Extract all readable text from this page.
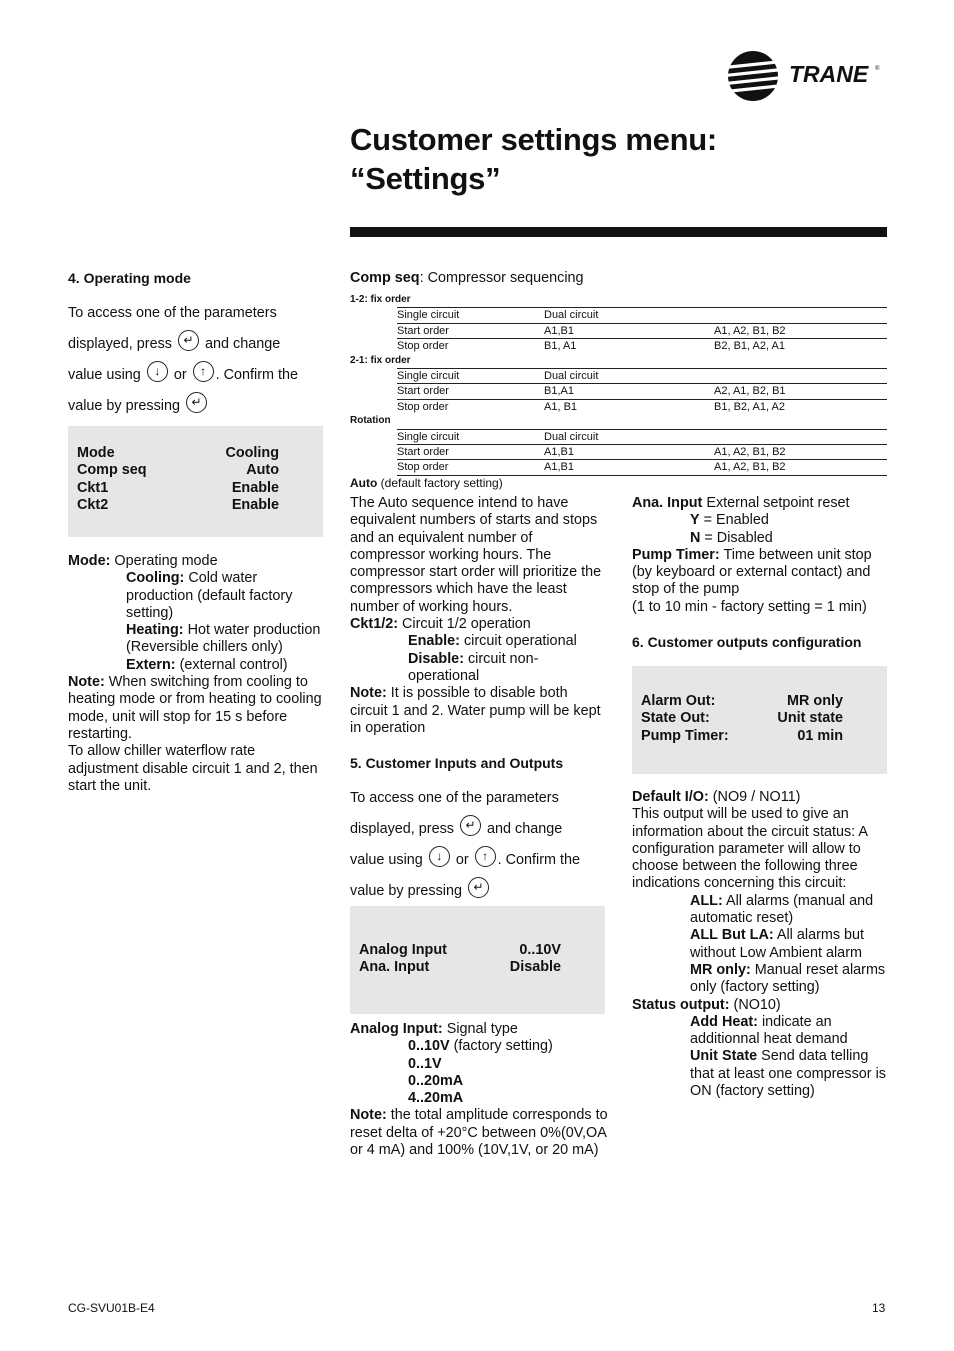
TRANE ®
Customer settings menu:
“Settings”
4. Operating mode
To access one of the parameters
displayed, press ↵ and change
value using ↓ or ↑ . Confirm the
value by pressing ↵
Mode	Cooling
Comp seq	Auto
Ckt1	Enable
Ckt2	Enable
Mode: Operating mode
Cooling: Cold water production (default factory setting)
Heating: Hot water production (Reversible chillers only)
Extern: (external control)
Note: When switching from cooling to heating mode or from heating to cooling mode, unit will stop for 15 s before restarting.
To allow chiller waterflow rate adjustment disable circuit 1 and 2, then start the unit.
Comp seq: Compressor sequencing
1-2: fix order			
	Single circuit	Dual circuit	
	Start order	A1,B1	A1, A2, B1, B2
	Stop order	B1, A1	B2, B1, A2, A1
2-1: fix order			
	Single circuit	Dual circuit	
	Start order	B1,A1	A2, A1, B2, B1
	Stop order	A1, B1	B1, B2, A1, A2
Rotation			
	Single circuit	Dual circuit	
	Start order	A1,B1	A1, A2, B1, B2
	Stop order	A1,B1	A1, A2, B1, B2
Auto (default factory setting)
The Auto sequence intend to have equivalent numbers of starts and stops and an equivalent number of compressor working hours. The compressor start order will prioritize the compressors which have the least number of working hours.
Ckt1/2: Circuit 1/2 operation
Enable: circuit operational
Disable: circuit non-operational
Note: It is possible to disable both circuit 1 and 2. Water pump will be kept in operation
5. Customer Inputs and Outputs
To access one of the parameters
displayed, press ↵ and change
value using ↓ or ↑ . Confirm the
value by pressing ↵
Analog Input	0..10V
Ana. Input	Disable
Analog Input: Signal type
0..10V (factory setting)
0..1V
0..20mA
4..20mA
Note: the total amplitude corresponds to reset delta of +20°C between 0%(0V,OA or 4 mA) and 100% (10V,1V, or 20 mA)
Ana. Input External setpoint reset
Y = Enabled
N = Disabled
Pump Timer: Time between unit stop (by keyboard or external contact) and stop of the pump
(1 to 10 min - factory setting = 1 min)
6. Customer outputs configuration
Alarm Out:	MR only
State Out:	Unit state
Pump Timer:	01 min
Default I/O: (NO9 / NO11)
This output will be used to give an information about the circuit status: A configuration parameter will allow to choose between the following three indications concerning this circuit:
ALL: All alarms (manual and automatic reset)
ALL But LA: All alarms but without Low Ambient alarm
MR only: Manual reset alarms only (factory setting)
Status output: (NO10)
Add Heat: indicate an additionnal heat demand
Unit State Send data telling that at least one compressor is ON (factory setting)
CG-SVU01B-E4	13
